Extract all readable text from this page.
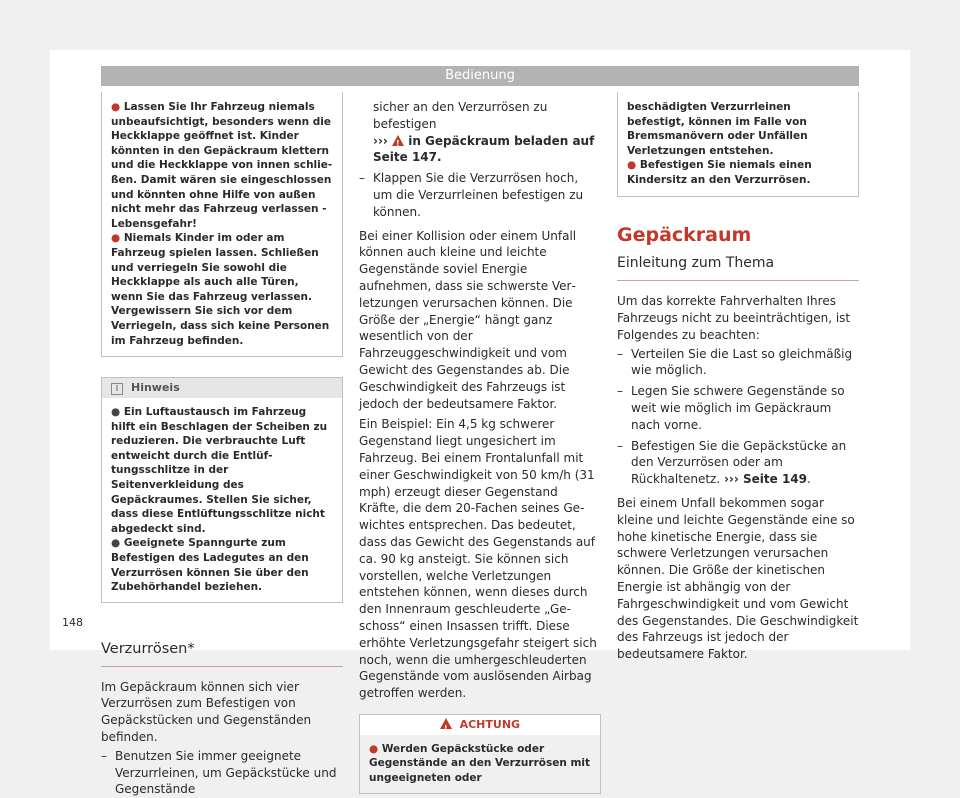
Bedienung

● Lassen Sie Ihr Fahrzeug niemals unbeaufsichtigt, besonders wenn die Heckklappe geöffnet ist. Kinder könnten in den Gepäckraum klettern und die Heckklappe von innen schließen. Damit wären sie eingeschlossen und könnten ohne Hilfe von außen nicht mehr das Fahrzeug verlassen - Lebensgefahr!

● Niemals Kinder im oder am Fahrzeug spielen lassen. Schließen und verriegeln Sie sowohl die Heckklappe als auch alle Türen, wenn Sie das Fahrzeug verlassen. Vergewissern Sie sich vor dem Verriegeln, dass sich keine Personen im Fahrzeug befinden.

i Hinweis

● Ein Luftaustausch im Fahrzeug hilft ein Beschlagen der Scheiben zu reduzieren. Die verbrauchte Luft entweicht durch die Entlüftungsschlitze in der Seitenverkleidung des Gepäckraumes. Stellen Sie sicher, dass diese Entlüftungsschlitze nicht abgedeckt sind.

● Geeignete Spanngurte zum Befestigen des Ladegutes an den Verzurrösen können Sie über den Zubehörhandel beziehen.

Verzurrösen*

Im Gepäckraum können sich vier Verzurrösen zum Befestigen von Gepäckstücken und Gegenständen befinden.

– Benutzen Sie immer geeignete Verzurrleinen, um Gepäckstücke und Gegenstände
sicher an den Verzurrösen zu befestigen
››› ! in Gepäckraum beladen auf Seite 147.
– Klappen Sie die Verzurrösen hoch, um die Verzurrleinen befestigen zu können.

Bei einer Kollision oder einem Unfall können auch kleine und leichte Gegenstände soviel Energie aufnehmen, dass sie schwerste Verletzungen verursachen können. Die Größe der „Energie“ hängt ganz wesentlich von der Fahrzeuggeschwindigkeit und vom Gewicht des Gegenstandes ab. Die Geschwindigkeit des Fahrzeugs ist jedoch der bedeutsamere Faktor.

Ein Beispiel: Ein 4,5 kg schwerer Gegenstand liegt ungesichert im Fahrzeug. Bei einem Frontalunfall mit einer Geschwindigkeit von 50 km/h (31 mph) erzeugt dieser Gegenstand Kräfte, die dem 20-Fachen seines Gewichtes entsprechen. Das bedeutet, dass das Gewicht des Gegenstands auf ca. 90 kg ansteigt. Sie können sich vorstellen, welche Verletzungen entstehen können, wenn dieses durch den Innenraum geschleuderte „Geschoss“ einen Insassen trifft. Diese erhöhte Verletzungsgefahr steigert sich noch, wenn die umhergeschleuderten Gegenstände vom auslösenden Airbag getroffen werden.

!  ACHTUNG

● Werden Gepäckstücke oder Gegenstände an den Verzurrösen mit ungeeigneten oder

beschädigten Verzurrleinen befestigt, können im Falle von Bremsmanövern oder Unfällen Verletzungen entstehen.

● Befestigen Sie niemals einen Kindersitz an den Verzurrösen.

Gepäckraum
Einleitung zum Thema

Um das korrekte Fahrverhalten Ihres Fahrzeugs nicht zu beeinträchtigen, ist Folgendes zu beachten:

– Verteilen Sie die Last so gleichmäßig wie möglich.
– Legen Sie schwere Gegenstände so weit wie möglich im Gepäckraum nach vorne.
– Befestigen Sie die Gepäckstücke an den Verzurrösen oder am Rückhaltenetz. ››› Seite 149.

Bei einem Unfall bekommen sogar kleine und leichte Gegenstände eine so hohe kinetische Energie, dass sie schwere Verletzungen verursachen können. Die Größe der kinetischen Energie ist abhängig von der Fahrgeschwindigkeit und vom Gewicht des Gegenstandes. Die Geschwindigkeit des Fahrzeugs ist jedoch der bedeutsamere Faktor.

148
